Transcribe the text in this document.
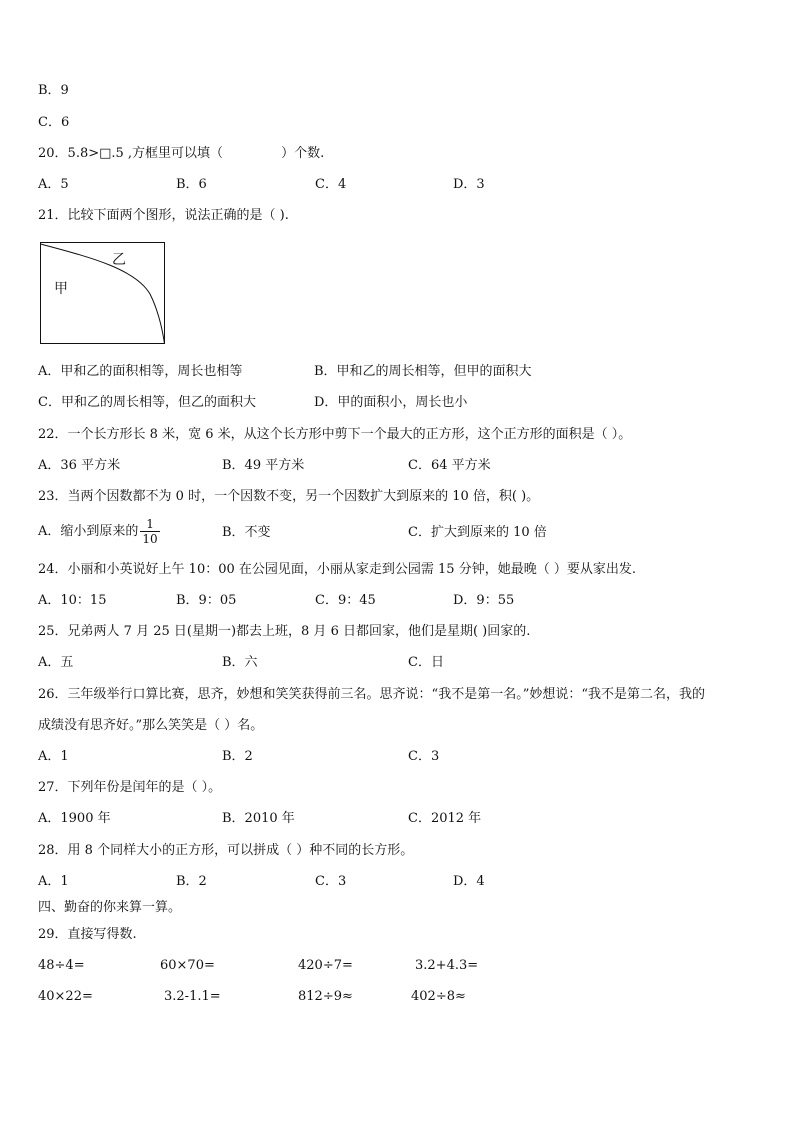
B．9
C．6
20．5.8>□.5 ,方框里可以填（	）个数.
A．5	B．6	C．4	D．3
21．比较下面两个图形，说法正确的是（ ).
乙
甲
A．甲和乙的面积相等，周长也相等	B．甲和乙的周长相等，但甲的面积大
C．甲和乙的周长相等，但乙的面积大	D．甲的面积小，周长也小
22．一个长方形长 8 米，宽 6 米，从这个长方形中剪下一个最大的正方形，这个正方形的面积是（ ）。
A．36 平方米	B．49 平方米	C．64 平方米
23．当两个因数都不为 0 时，一个因数不变，另一个因数扩大到原来的 10 倍，积( )。
A．缩小到原来的 $\frac{1}{10}$	B．不变	C．扩大到原来的 10 倍
24．小丽和小英说好上午 10：00 在公园见面，小丽从家走到公园需 15 分钟，她最晚（ ）要从家出发.
A．10：15	B．9：05	C．9：45	D．9：55
25．兄弟两人 7 月 25 日(星期一)都去上班，8 月 6 日都回家，他们是星期( )回家的.
A．五	B．六	C．日
26．三年级举行口算比赛，思齐，妙想和笑笑获得前三名。思齐说：“我不是第一名。”妙想说：“我不是第二名，我的
成绩没有思齐好。”那么笑笑是（ ）名。
A．1	B．2	C．3
27．下列年份是闰年的是（ ）。
A．1900 年	B．2010 年	C．2012 年
28．用 8 个同样大小的正方形，可以拼成（ ）种不同的长方形。
A．1	B．2	C．3	D．4
四、勤奋的你来算一算。
29．直接写得数.
48÷4=	60×70=	420÷7=	3.2+4.3=
40×22=	3.2-1.1=	812÷9≈	402÷8≈
